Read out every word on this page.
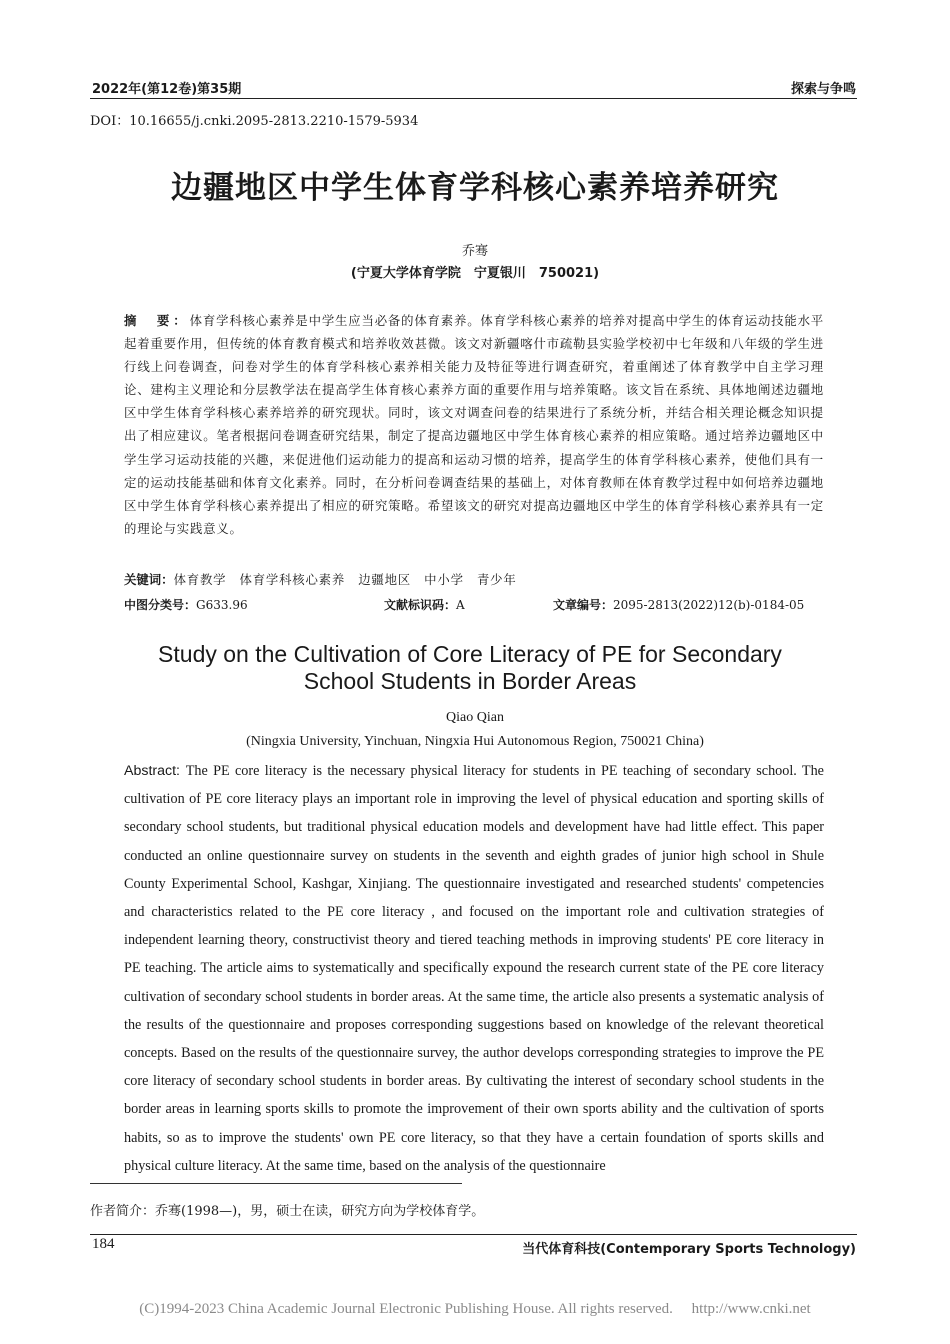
2022年(第12卷)第35期	探索与争鸣
DOI：10.16655/j.cnki.2095-2813.2210-1579-5934
边疆地区中学生体育学科核心素养培养研究
乔骞
(宁夏大学体育学院　宁夏银川　750021)
摘　要：体育学科核心素养是中学生应当必备的体育素养。体育学科核心素养的培养对提高中学生的体育运动技能水平起着重要作用，但传统的体育教育模式和培养收效甚微。该文对新疆喀什市疏勒县实验学校初中七年级和八年级的学生进行线上问卷调查，问卷对学生的体育学科核心素养相关能力及特征等进行调查研究，着重阐述了体育教学中自主学习理论、建构主义理论和分层教学法在提高学生体育核心素养方面的重要作用与培养策略。该文旨在系统、具体地阐述边疆地区中学生体育学科核心素养培养的研究现状。同时，该文对调查问卷的结果进行了系统分析，并结合相关理论概念知识提出了相应建议。笔者根据问卷调查研究结果，制定了提高边疆地区中学生体育核心素养的相应策略。通过培养边疆地区中学生学习运动技能的兴趣，来促进他们运动能力的提高和运动习惯的培养，提高学生的体育学科核心素养，使他们具有一定的运动技能基础和体育文化素养。同时，在分析问卷调查结果的基础上，对体育教师在体育教学过程中如何培养边疆地区中学生体育学科核心素养提出了相应的研究策略。希望该文的研究对提高边疆地区中学生的体育学科核心素养具有一定的理论与实践意义。
关键词：体育教学　体育学科核心素养　边疆地区　中小学　青少年
中图分类号：G633.96	文献标识码：A	文章编号：2095-2813(2022)12(b)-0184-05
Study on the Cultivation of Core Literacy of PE for Secondary
School Students in Border Areas
Qiao Qian
(Ningxia University, Yinchuan, Ningxia Hui Autonomous Region, 750021 China)
Abstract: The PE core literacy is the necessary physical literacy for students in PE teaching of secondary school. The cultivation of PE core literacy plays an important role in improving the level of physical education and sporting skills of secondary school students, but traditional physical education models and development have had little effect. This paper conducted an online questionnaire survey on students in the seventh and eighth grades of junior high school in Shule County Experimental School, Kashgar, Xinjiang. The questionnaire investigated and researched students' competencies and characteristics related to the PE core literacy , and focused on the important role and cultivation strategies of independent learning theory, constructivist theory and tiered teaching methods in improving students' PE core literacy in PE teaching. The article aims to systematically and specifically expound the research current state of the PE core literacy cultivation of secondary school students in border areas. At the same time, the article also presents a systematic analysis of the results of the questionnaire and proposes corresponding suggestions based on knowledge of the relevant theoretical concepts. Based on the results of the questionnaire survey, the author develops corresponding strategies to improve the PE core literacy of secondary school students in border areas. By cultivating the interest of secondary school students in the border areas in learning sports skills to promote the improvement of their own sports ability and the cultivation of sports habits, so as to improve the students' own PE core literacy, so that they have a certain foundation of sports skills and physical culture literacy. At the same time, based on the analysis of the questionnaire
作者简介：乔骞(1998—)，男，硕士在读，研究方向为学校体育学。
184	当代体育科技(Contemporary Sports Technology)
(C)1994-2023 China Academic Journal Electronic Publishing House. All rights reserved.　 http://www.cnki.net
